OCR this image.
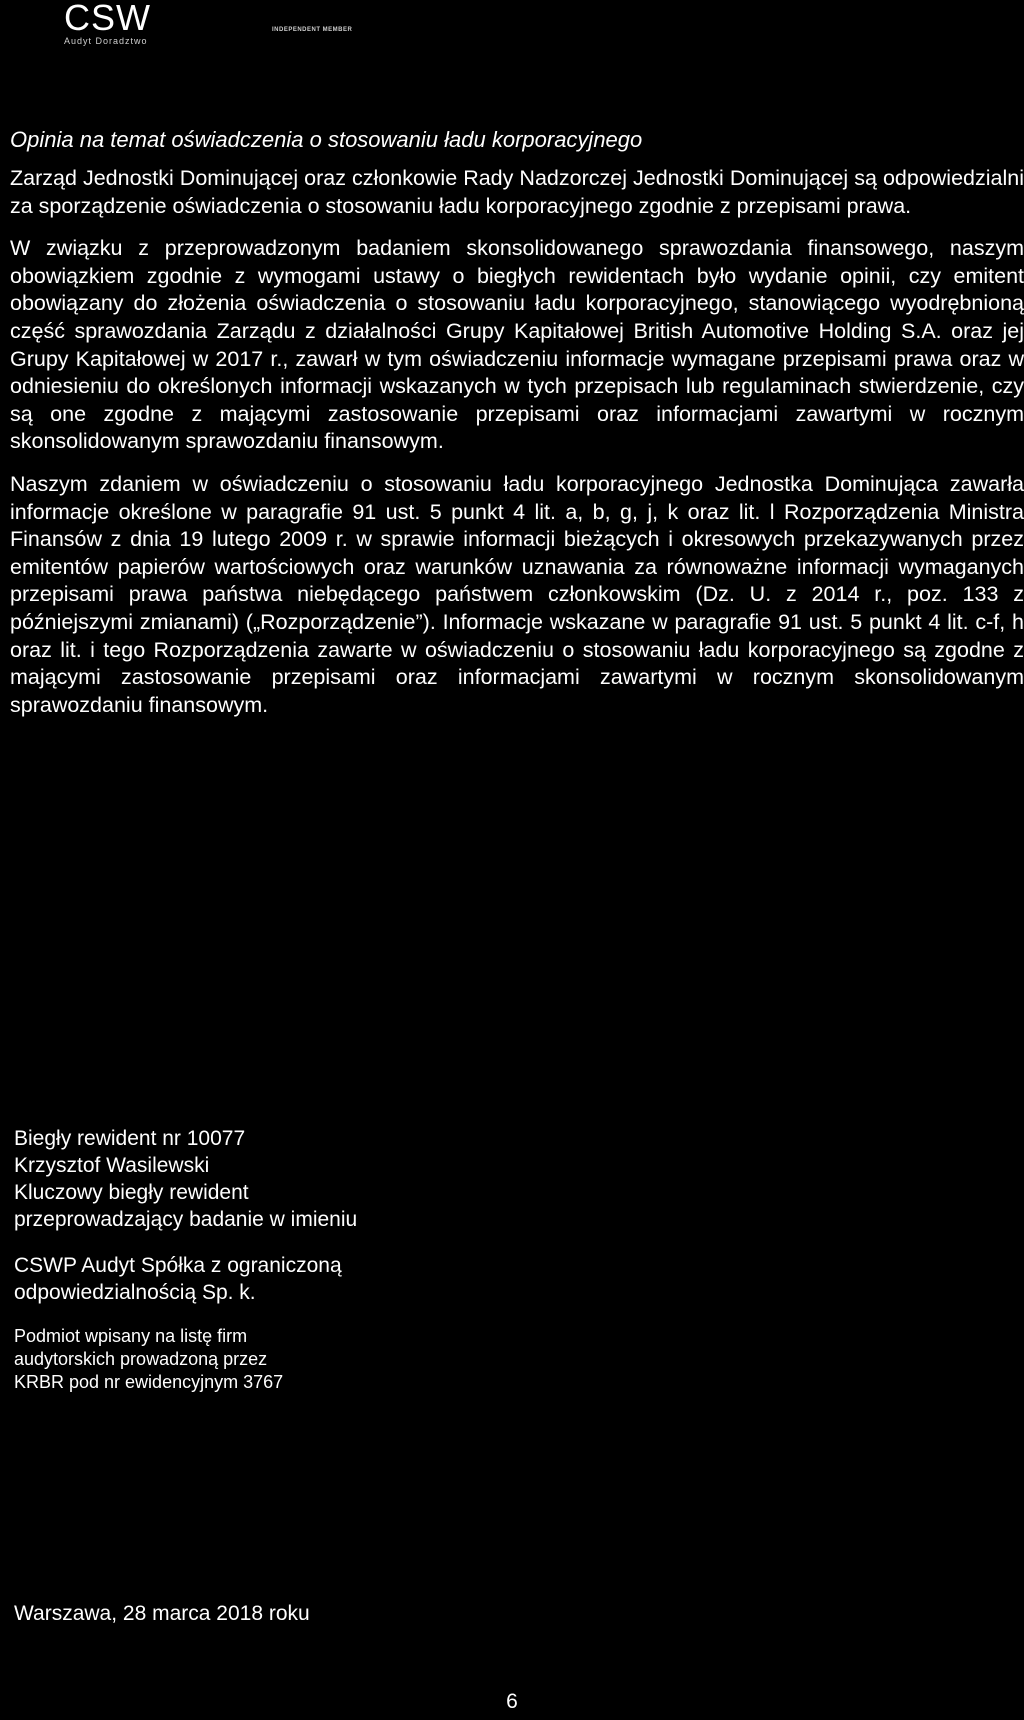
CSW
Audyt Doradztwo
INDEPENDENT MEMBER
Opinia na temat oświadczenia o stosowaniu ładu korporacyjnego

Zarząd Jednostki Dominującej oraz członkowie Rady Nadzorczej Jednostki Dominującej są odpowiedzialni za sporządzenie oświadczenia o stosowaniu ładu korporacyjnego zgodnie z przepisami prawa.

W związku z przeprowadzonym badaniem skonsolidowanego sprawozdania finansowego, naszym obowiązkiem zgodnie z wymogami ustawy o biegłych rewidentach było wydanie opinii, czy emitent obowiązany do złożenia oświadczenia o stosowaniu ładu korporacyjnego, stanowiącego wyodrębnioną część sprawozdania Zarządu z działalności Grupy Kapitałowej British Automotive Holding S.A. oraz jej Grupy Kapitałowej w 2017 r., zawarł w tym oświadczeniu informacje wymagane przepisami prawa oraz w odniesieniu do określonych informacji wskazanych w tych przepisach lub regulaminach stwierdzenie, czy są one zgodne z mającymi zastosowanie przepisami oraz informacjami zawartymi w rocznym skonsolidowanym sprawozdaniu finansowym.

Naszym zdaniem w oświadczeniu o stosowaniu ładu korporacyjnego Jednostka Dominująca zawarła informacje określone w paragrafie 91 ust. 5 punkt 4 lit. a, b, g, j, k oraz lit. l Rozporządzenia Ministra Finansów z dnia 19 lutego 2009 r. w sprawie informacji bieżących i okresowych przekazywanych przez emitentów papierów wartościowych oraz warunków uznawania za równoważne informacji wymaganych przepisami prawa państwa niebędącego państwem członkowskim (Dz. U. z 2014 r., poz. 133 z późniejszymi zmianami) („Rozporządzenie”). Informacje wskazane w paragrafie 91 ust. 5 punkt 4 lit. c-f, h oraz lit. i tego Rozporządzenia zawarte w oświadczeniu o stosowaniu ładu korporacyjnego są zgodne z mającymi zastosowanie przepisami oraz informacjami zawartymi w rocznym skonsolidowanym sprawozdaniu finansowym.

Biegły rewident nr 10077

Krzysztof Wasilewski

Kluczowy biegły rewident

przeprowadzający badanie w imieniu

CSWP Audyt Spółka z ograniczoną

odpowiedzialnością Sp. k.

Podmiot wpisany na listę firm

audytorskich prowadzoną przez

KRBR pod nr ewidencyjnym 3767

Warszawa, 28 marca 2018 roku
6
